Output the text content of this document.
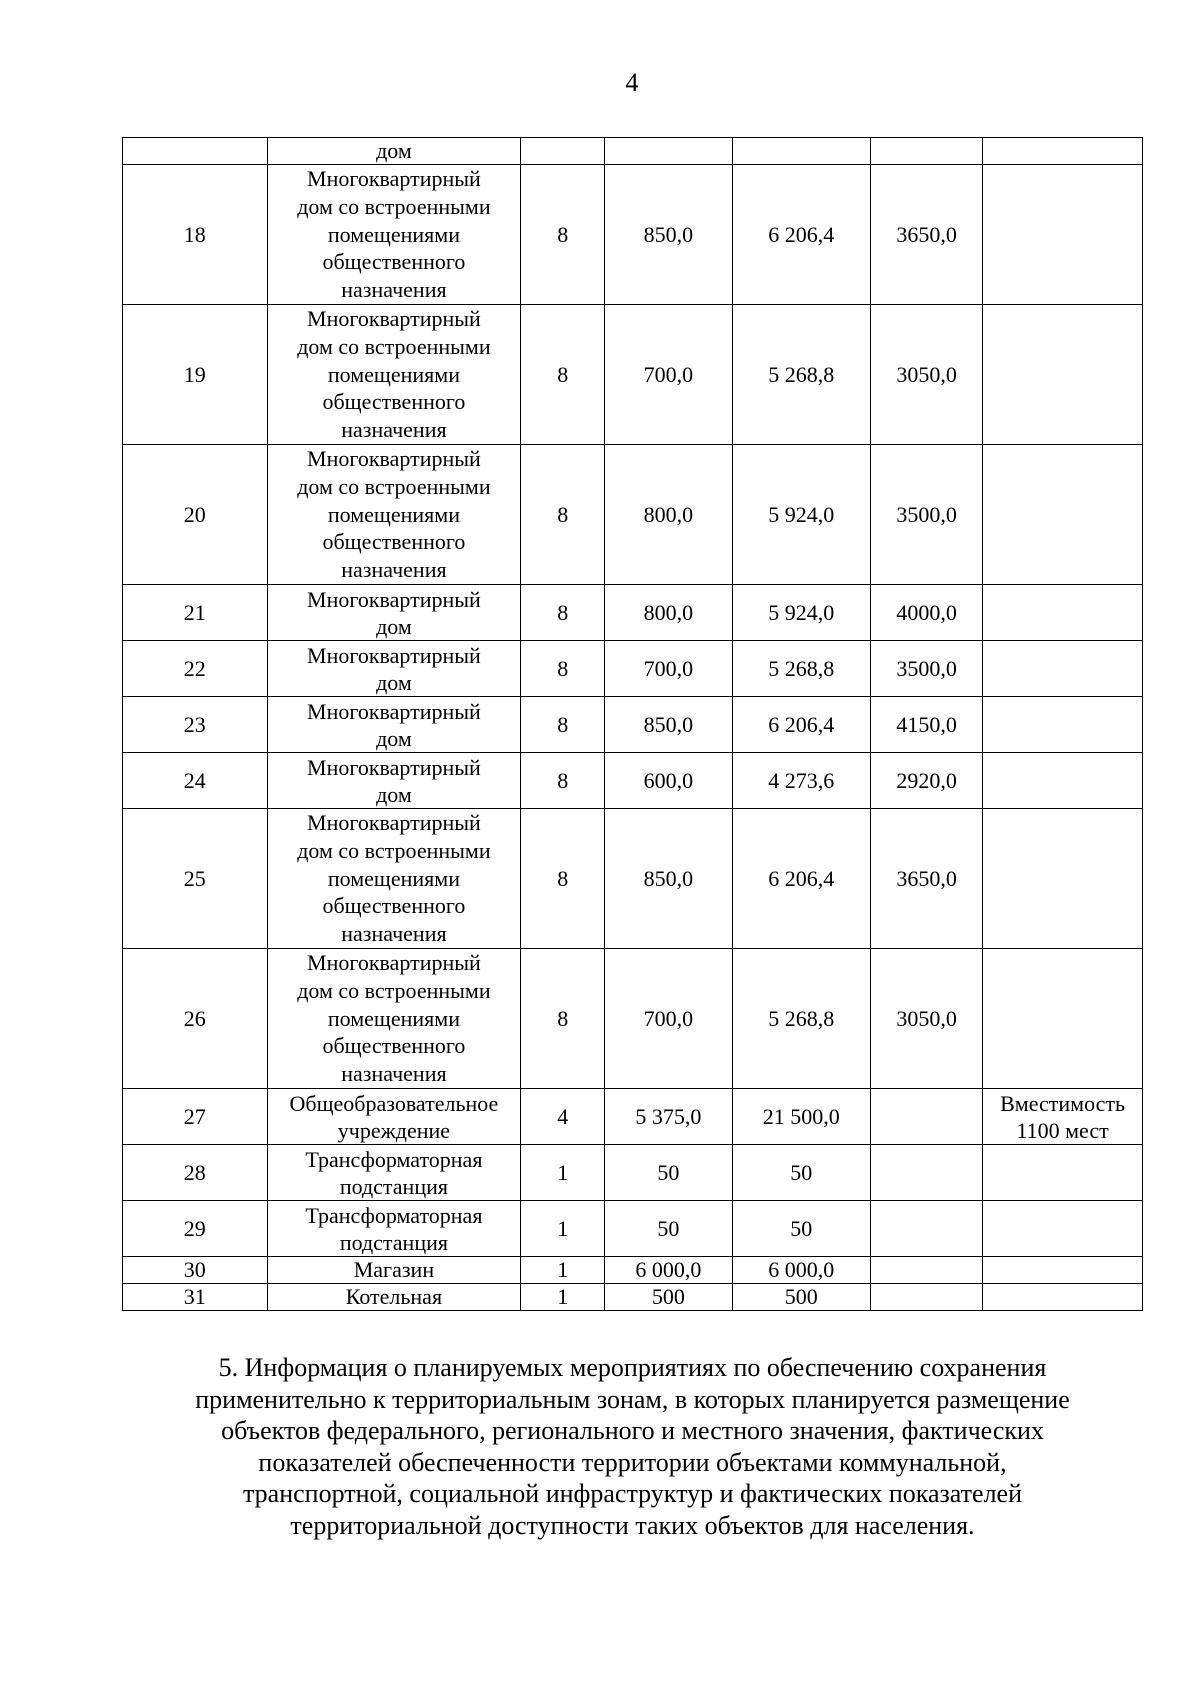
4

	дом					

18	Многоквартирный
дом со встроенными
помещениями
общественного
назначения	8	850,0	6 206,4	3650,0	

19	Многоквартирный
дом со встроенными
помещениями
общественного
назначения	8	700,0	5 268,8	3050,0	

20	Многоквартирный
дом со встроенными
помещениями
общественного
назначения	8	800,0	5 924,0	3500,0	

21	Многоквартирный
дом	8	800,0	5 924,0	4000,0	

22	Многоквартирный
дом	8	700,0	5 268,8	3500,0	

23	Многоквартирный
дом	8	850,0	6 206,4	4150,0	

24	Многоквартирный
дом	8	600,0	4 273,6	2920,0	

25	Многоквартирный
дом со встроенными
помещениями
общественного
назначения	8	850,0	6 206,4	3650,0	

26	Многоквартирный
дом со встроенными
помещениями
общественного
назначения	8	700,0	5 268,8	3050,0	

27	Общеобразовательное
учреждение	4	5 375,0	21 500,0		Вместимость
1100 мест

28	Трансформаторная
подстанция	1	50	50		

29	Трансформаторная
подстанция	1	50	50		

30	Магазин	1	6 000,0	6 000,0		

31	Котельная	1	500	500		

5. Информация о планируемых мероприятиях по обеспечению сохранения
применительно к территориальным зонам, в которых планируется размещение
объектов федерального, регионального и местного значения, фактических
показателей обеспеченности территории объектами коммунальной,
транспортной, социальной инфраструктур и фактических показателей
территориальной доступности таких объектов для населения.
